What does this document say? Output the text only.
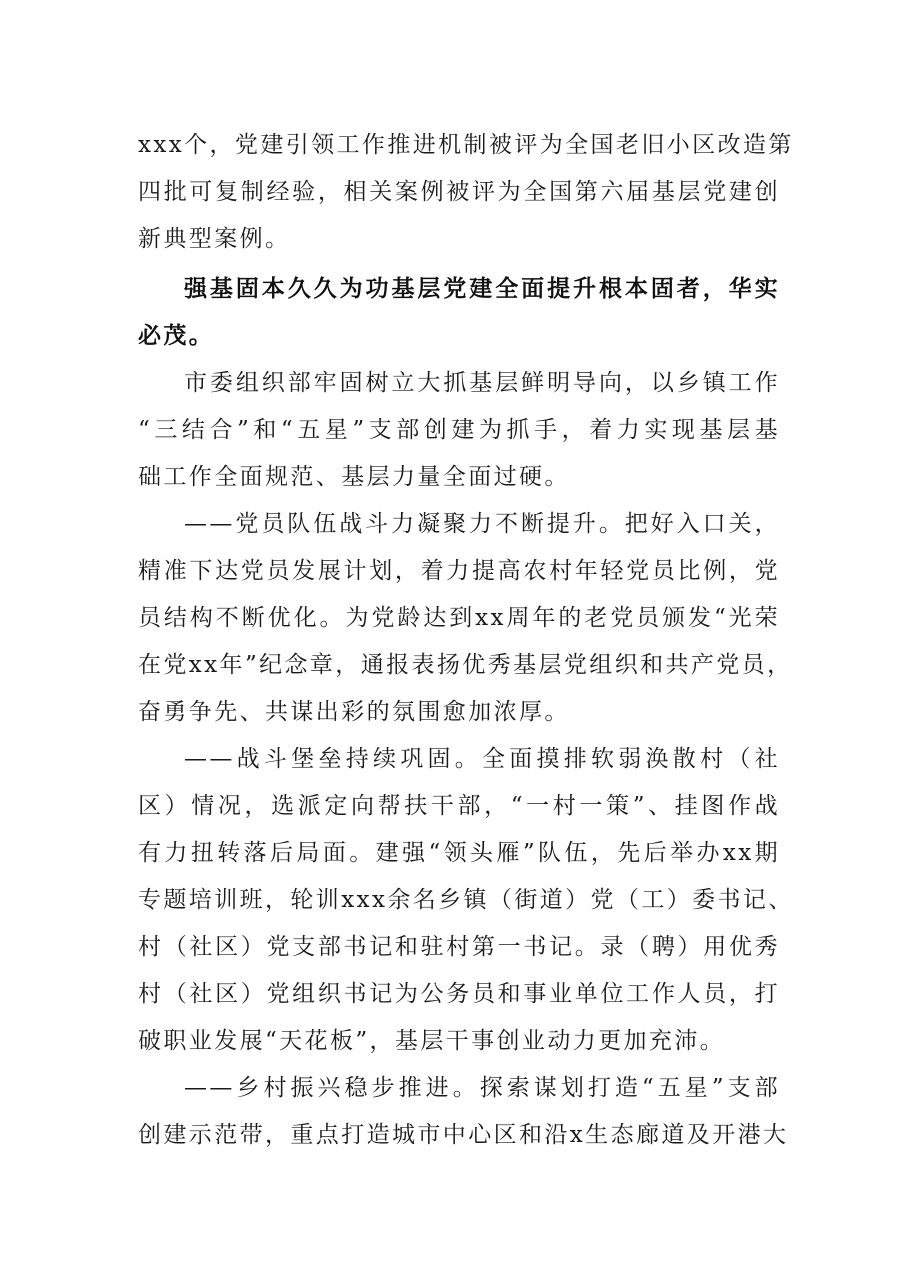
xxx个，党建引领工作推进机制被评为全国老旧小区改造第
四批可复制经验，相关案例被评为全国第六届基层党建创
新典型案例。
强基固本久久为功基层党建全面提升根本固者，华实
必茂。
市委组织部牢固树立大抓基层鲜明导向，以乡镇工作
“三结合”和“五星”支部创建为抓手，着力实现基层基
础工作全面规范、基层力量全面过硬。
——党员队伍战斗力凝聚力不断提升。把好入口关，
精准下达党员发展计划，着力提高农村年轻党员比例，党
员结构不断优化。为党龄达到xx周年的老党员颁发“光荣
在党xx年”纪念章，通报表扬优秀基层党组织和共产党员，
奋勇争先、共谋出彩的氛围愈加浓厚。
——战斗堡垒持续巩固。全面摸排软弱涣散村（社
区）情况，选派定向帮扶干部，“一村一策”、挂图作战
有力扭转落后局面。建强“领头雁”队伍，先后举办xx期
专题培训班，轮训xxx余名乡镇（街道）党（工）委书记、
村（社区）党支部书记和驻村第一书记。录（聘）用优秀
村（社区）党组织书记为公务员和事业单位工作人员，打
破职业发展“天花板”，基层干事创业动力更加充沛。
——乡村振兴稳步推进。探索谋划打造“五星”支部
创建示范带，重点打造城市中心区和沿x生态廊道及开港大
